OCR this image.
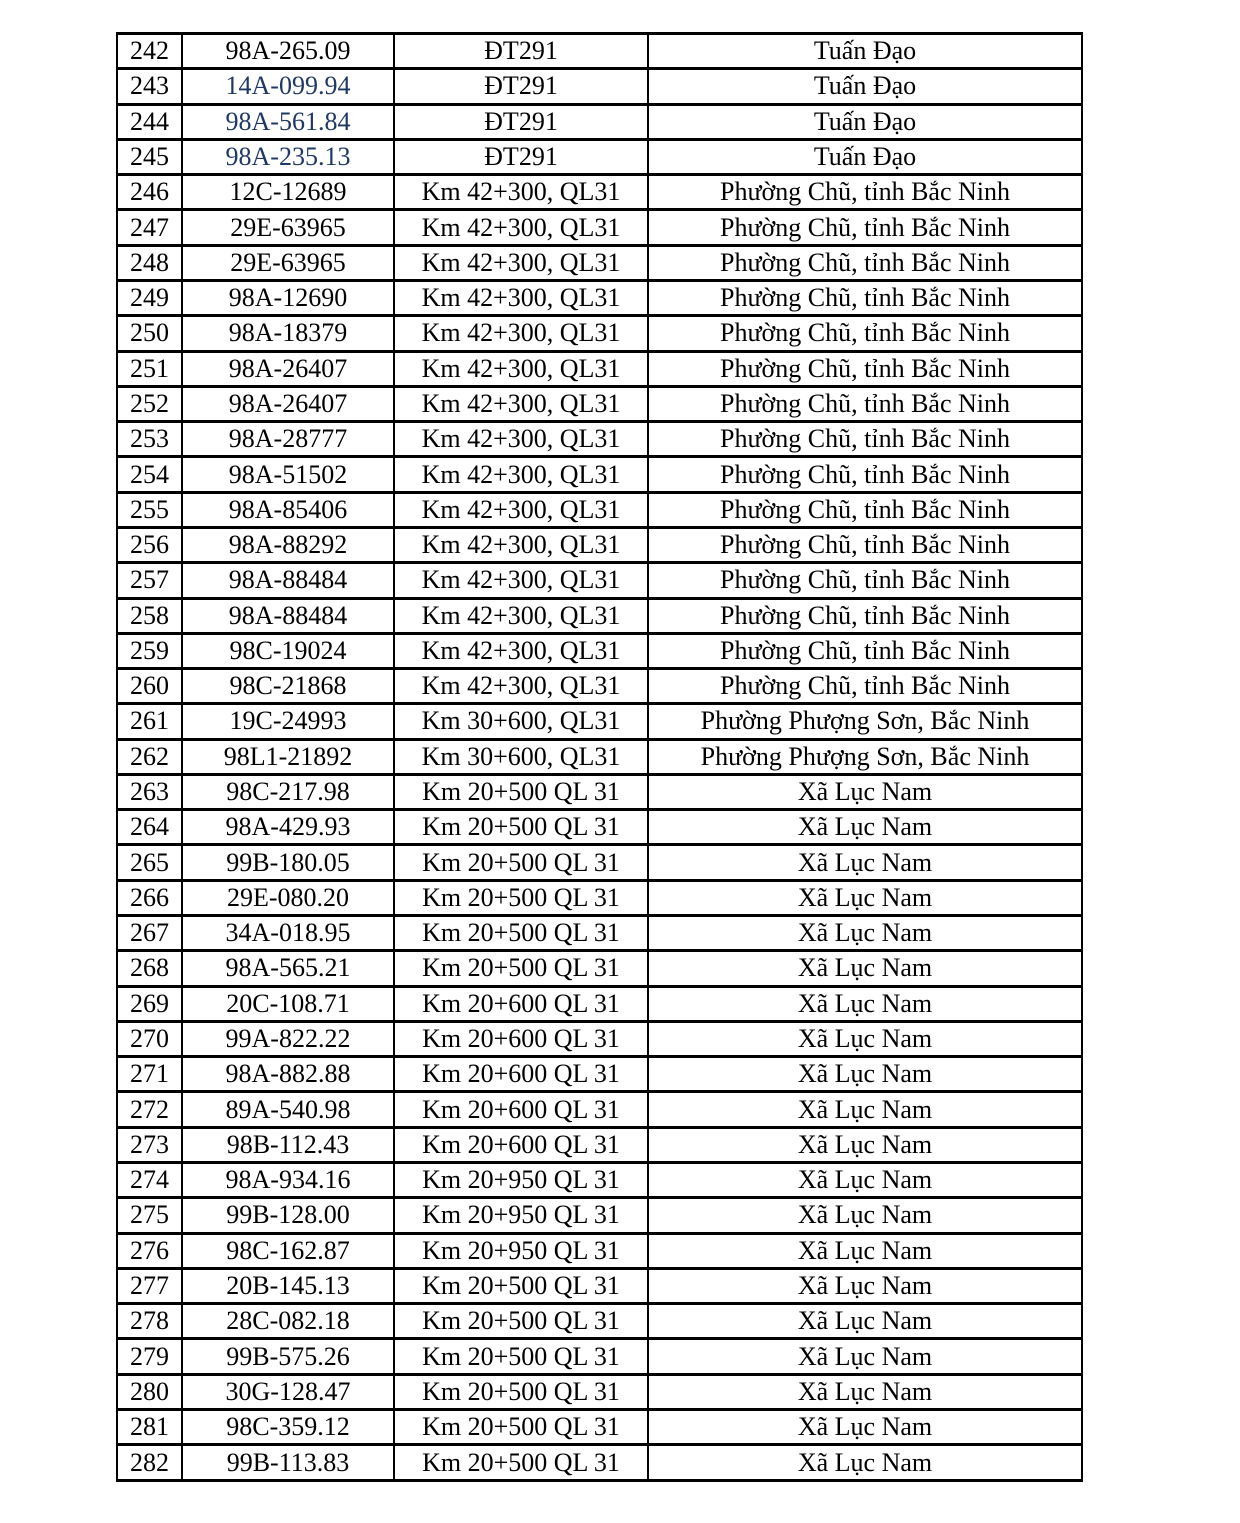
242	98A-265.09	ĐT291	Tuấn Đạo
243	14A-099.94	ĐT291	Tuấn Đạo
244	98A-561.84	ĐT291	Tuấn Đạo
245	98A-235.13	ĐT291	Tuấn Đạo
246	12C-12689	Km 42+300, QL31	Phường Chũ, tỉnh Bắc Ninh
247	29E-63965	Km 42+300, QL31	Phường Chũ, tỉnh Bắc Ninh
248	29E-63965	Km 42+300, QL31	Phường Chũ, tỉnh Bắc Ninh
249	98A-12690	Km 42+300, QL31	Phường Chũ, tỉnh Bắc Ninh
250	98A-18379	Km 42+300, QL31	Phường Chũ, tỉnh Bắc Ninh
251	98A-26407	Km 42+300, QL31	Phường Chũ, tỉnh Bắc Ninh
252	98A-26407	Km 42+300, QL31	Phường Chũ, tỉnh Bắc Ninh
253	98A-28777	Km 42+300, QL31	Phường Chũ, tỉnh Bắc Ninh
254	98A-51502	Km 42+300, QL31	Phường Chũ, tỉnh Bắc Ninh
255	98A-85406	Km 42+300, QL31	Phường Chũ, tỉnh Bắc Ninh
256	98A-88292	Km 42+300, QL31	Phường Chũ, tỉnh Bắc Ninh
257	98A-88484	Km 42+300, QL31	Phường Chũ, tỉnh Bắc Ninh
258	98A-88484	Km 42+300, QL31	Phường Chũ, tỉnh Bắc Ninh
259	98C-19024	Km 42+300, QL31	Phường Chũ, tỉnh Bắc Ninh
260	98C-21868	Km 42+300, QL31	Phường Chũ, tỉnh Bắc Ninh
261	19C-24993	Km 30+600, QL31	Phường Phượng Sơn, Bắc Ninh
262	98L1-21892	Km 30+600, QL31	Phường Phượng Sơn, Bắc Ninh
263	98C-217.98	Km 20+500 QL 31	Xã Lục Nam
264	98A-429.93	Km 20+500 QL 31	Xã Lục Nam
265	99B-180.05	Km 20+500 QL 31	Xã Lục Nam
266	29E-080.20	Km 20+500 QL 31	Xã Lục Nam
267	34A-018.95	Km 20+500 QL 31	Xã Lục Nam
268	98A-565.21	Km 20+500 QL 31	Xã Lục Nam
269	20C-108.71	Km 20+600 QL 31	Xã Lục Nam
270	99A-822.22	Km 20+600 QL 31	Xã Lục Nam
271	98A-882.88	Km 20+600 QL 31	Xã Lục Nam
272	89A-540.98	Km 20+600 QL 31	Xã Lục Nam
273	98B-112.43	Km 20+600 QL 31	Xã Lục Nam
274	98A-934.16	Km 20+950 QL 31	Xã Lục Nam
275	99B-128.00	Km 20+950 QL 31	Xã Lục Nam
276	98C-162.87	Km 20+950 QL 31	Xã Lục Nam
277	20B-145.13	Km 20+500 QL 31	Xã Lục Nam
278	28C-082.18	Km 20+500 QL 31	Xã Lục Nam
279	99B-575.26	Km 20+500 QL 31	Xã Lục Nam
280	30G-128.47	Km 20+500 QL 31	Xã Lục Nam
281	98C-359.12	Km 20+500 QL 31	Xã Lục Nam
282	99B-113.83	Km 20+500 QL 31	Xã Lục Nam
